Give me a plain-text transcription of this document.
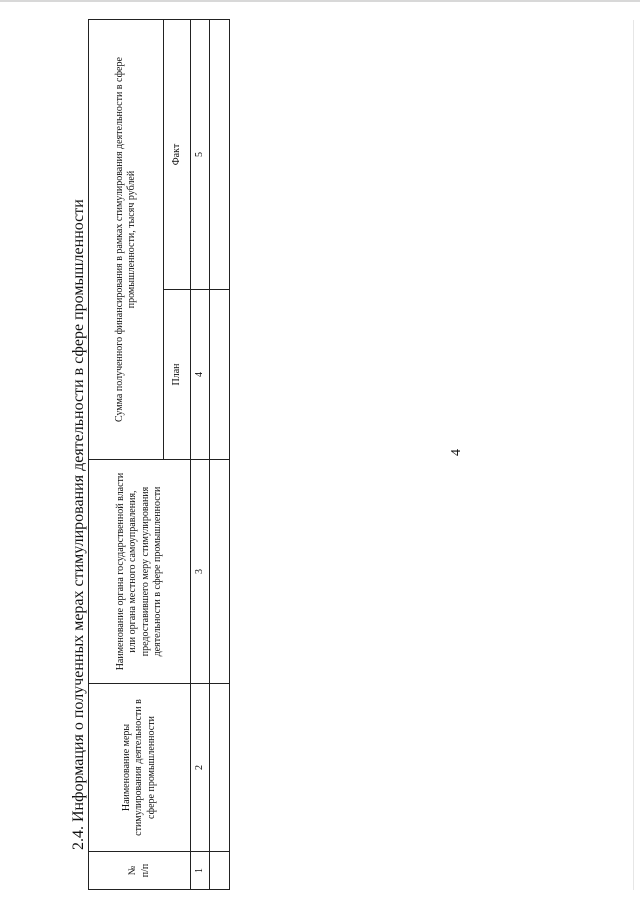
4
2.4. Информация о полученных мерах стимулирования деятельности в сфере промышленности
№
п/п	Наименование меры стимулирования деятельности в сфере промышленности	Наименование органа государственной власти или органа местного самоуправления, предоставившего меру стимулирования деятельности в сфере промышленности	Сумма полученного финансирования в рамках стимулирования деятельности в сфере промышленности, тысяч рублей	

			План	Факт
1	2	3	4	5
